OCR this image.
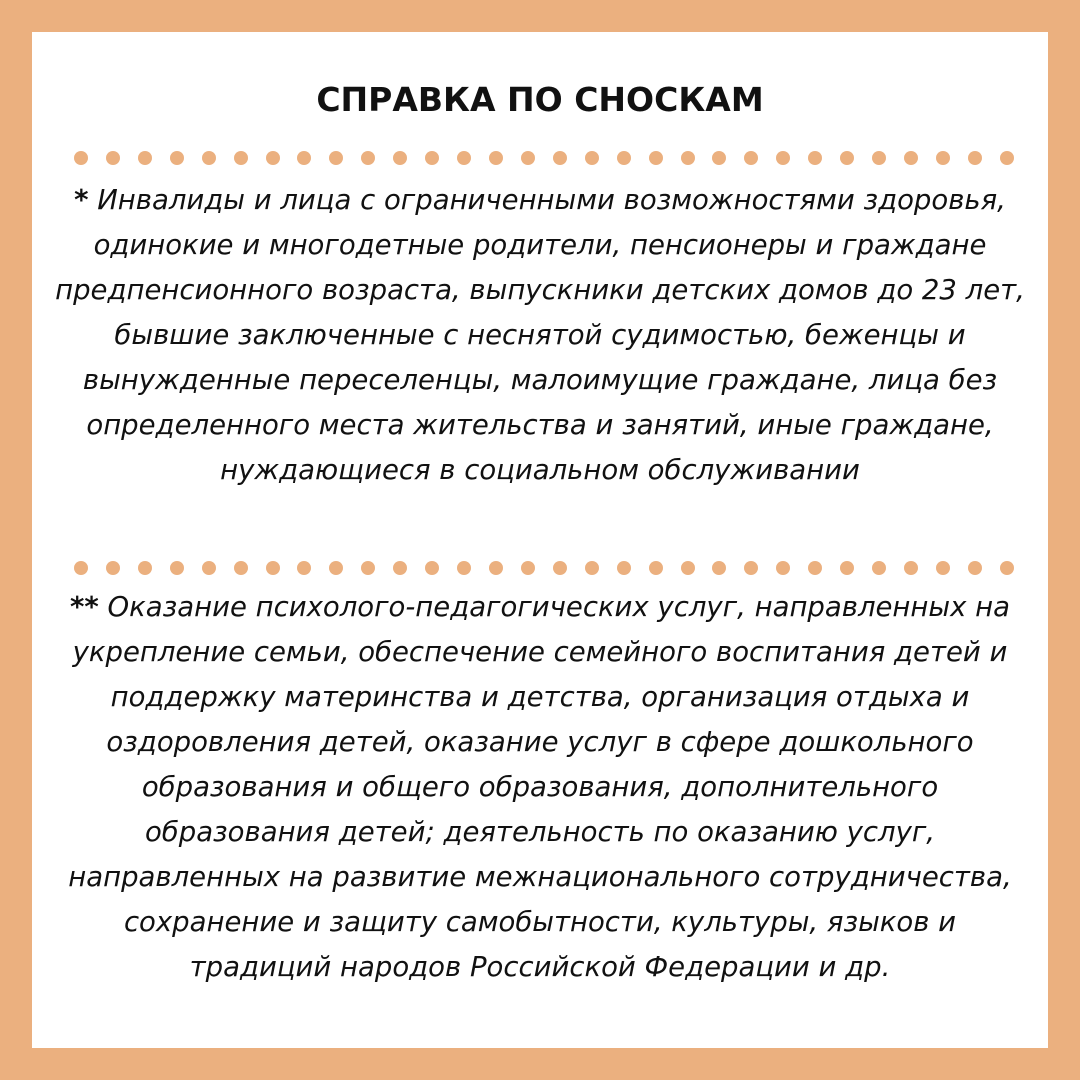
СПРАВКА ПО СНОСКАМ
* Инвалиды и лица с ограниченными возможностями здоровья, одинокие и многодетные родители, пенсионеры и граждане предпенсионного возраста, выпускники детских домов до 23 лет, бывшие заключенные с неснятой судимостью, беженцы и вынужденные переселенцы, малоимущие граждане, лица без определенного места жительства и занятий, иные граждане, нуждающиеся в социальном обслуживании
** Оказание психолого-педагогических услуг, направленных на укрепление семьи, обеспечение семейного воспитания детей и поддержку материнства и детства, организация отдыха и оздоровления детей, оказание услуг в сфере дошкольного образования и общего образования, дополнительного образования детей; деятельность по оказанию услуг, направленных на развитие межнационального сотрудничества, сохранение и защиту самобытности, культуры, языков и традиций народов Российской Федерации и др.
